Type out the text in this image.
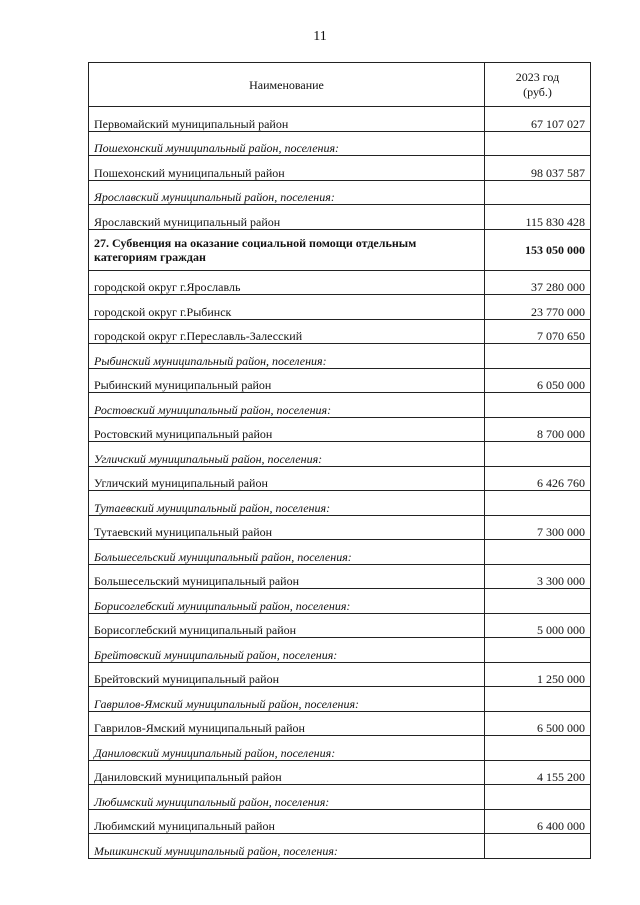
11
Наименование	2023 год
(руб.)
Первомайский муниципальный район	67 107 027
Пошехонский муниципальный район, поселения:	
Пошехонский муниципальный район	98 037 587
Ярославский муниципальный район, поселения:	
Ярославский муниципальный район	115 830 428
27. Субвенция на оказание социальной помощи отдельным категориям граждан	153 050 000
городской округ г.Ярославль	37 280 000
городской округ г.Рыбинск	23 770 000
городской округ г.Переславль-Залесский	7 070 650
Рыбинский муниципальный район, поселения:	
Рыбинский муниципальный район	6 050 000
Ростовский муниципальный район, поселения:	
Ростовский муниципальный район	8 700 000
Угличский муниципальный район, поселения:	
Угличский муниципальный район	6 426 760
Тутаевский муниципальный район, поселения:	
Тутаевский муниципальный район	7 300 000
Большесельский муниципальный район, поселения:	
Большесельский муниципальный район	3 300 000
Борисоглебский муниципальный район, поселения:	
Борисоглебский муниципальный район	5 000 000
Брейтовский муниципальный район, поселения:	
Брейтовский муниципальный район	1 250 000
Гаврилов-Ямский муниципальный район, поселения:	
Гаврилов-Ямский муниципальный район	6 500 000
Даниловский муниципальный район, поселения:	
Даниловский муниципальный район	4 155 200
Любимский муниципальный район, поселения:	
Любимский муниципальный район	6 400 000
Мышкинский муниципальный район, поселения:	
